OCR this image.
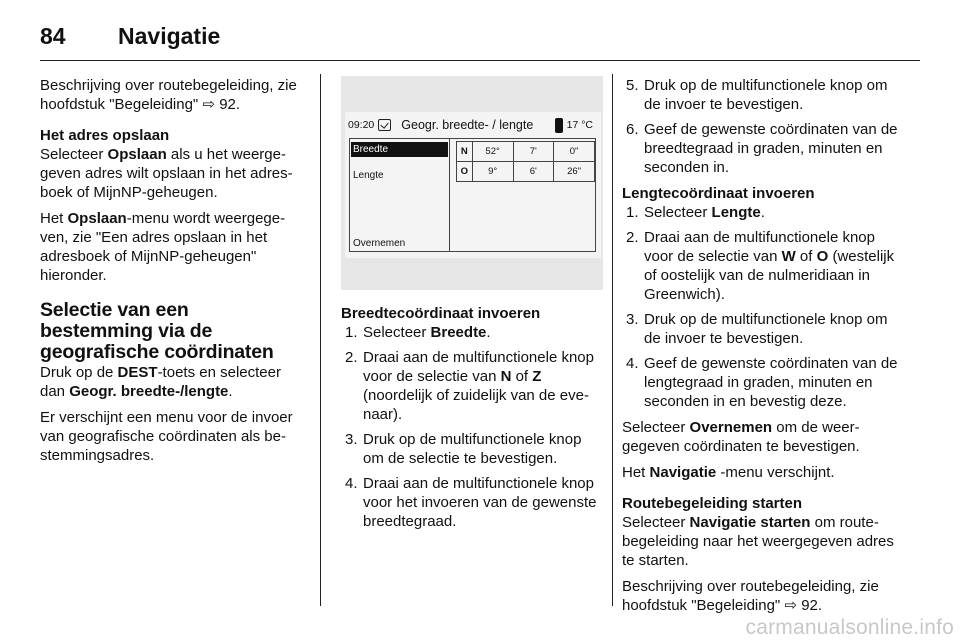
84	Navigatie

Beschrijving over routebegeleiding, zie hoofdstuk "Begeleiding" ⇨ 92.

Het adres opslaan

Selecteer Opslaan als u het weergegeven adres wilt opslaan in het adresboek of MijnNP-geheugen.

Het Opslaan-menu wordt weergegeven, zie "Een adres opslaan in het adresboek of MijnNP-geheugen" hieronder.

Selectie van een bestemming via de geografische coördinaten

Druk op de DEST-toets en selecteer dan Geogr. breedte-/lengte.

Er verschijnt een menu voor de invoer van geografische coördinaten als bestemmingsadres.

09:20 Geogr. breedte- / lengte	17 °C
Breedte
Lengte
Overnemen
N	52°	7'	0"
O	9°	6'	26"

Breedtecoördinaat invoeren

1. Selecteer Breedte.
2. Draai aan de multifunctionele knop voor de selectie van N of Z (noordelijk of zuidelijk van de evenaar).
3. Druk op de multifunctionele knop om de selectie te bevestigen.
4. Draai aan de multifunctionele knop voor het invoeren van de gewenste breedtegraad.
5. Druk op de multifunctionele knop om de invoer te bevestigen.
6. Geef de gewenste coördinaten van de breedtegraad in graden, minuten en seconden in.

Lengtecoördinaat invoeren

1. Selecteer Lengte.
2. Draai aan de multifunctionele knop voor de selectie van W of O (westelijk of oostelijk van de nulmeridiaan in Greenwich).
3. Druk op de multifunctionele knop om de invoer te bevestigen.
4. Geef de gewenste coördinaten van de lengtegraad in graden, minuten en seconden in en bevestig deze.

Selecteer Overnemen om de weergegeven coördinaten te bevestigen.

Het Navigatie -menu verschijnt.

Routebegeleiding starten

Selecteer Navigatie starten om routebegeleiding naar het weergegeven adres te starten.

Beschrijving over routebegeleiding, zie hoofdstuk "Begeleiding" ⇨ 92.

carmanualsonline.info
